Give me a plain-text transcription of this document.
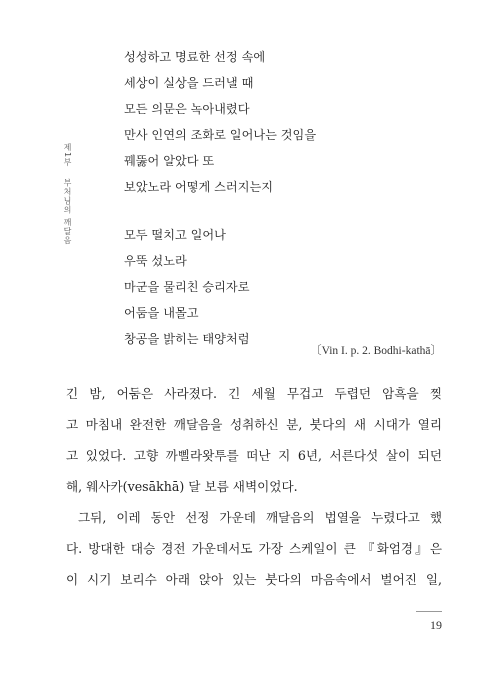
제1부 부처님의 깨달음
성성하고 명료한 선정 속에
세상이 실상을 드러낼 때
모든 의문은 녹아내렸다
만사 인연의 조화로 일어나는 것임을
꿰뚫어 알았다 또
보았노라 어떻게 스러지는지
모두 떨치고 일어나
우뚝 섰노라
마군을 물리친 승리자로
어둠을 내몰고
창공을 밝히는 태양처럼
〔Vin I. p. 2. Bodhi-kathā〕
긴 밤, 어둠은 사라졌다. 긴 세월 무겁고 두렵던 암흑을 찢
고 마침내 완전한 깨달음을 성취하신 분, 붓다의 새 시대가 열리
고 있었다. 고향 까삘라왓투를 떠난 지 6년, 서른다섯 살이 되던
해, 웨사카(vesākhā) 달 보름 새벽이었다.
그뒤, 이레 동안 선정 가운데 깨달음의 법열을 누렸다고 했
다. 방대한 대승 경전 가운데서도 가장 스케일이 큰 『화엄경』은
이 시기 보리수 아래 앉아 있는 붓다의 마음속에서 벌어진 일,
19
